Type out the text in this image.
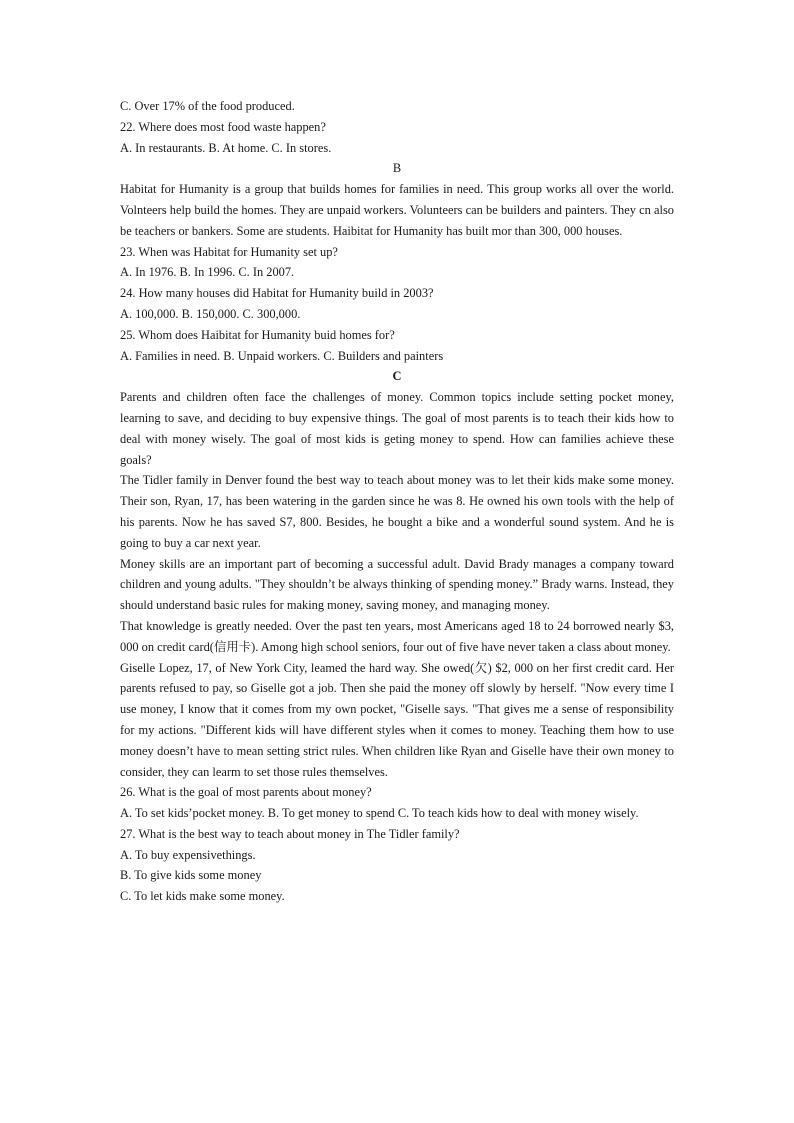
C. Over 17% of the food produced.
22. Where does most food waste happen?
A. In restaurants. B. At home. C. In stores.
B
Habitat for Humanity is a group that builds homes for families in need. This group works all over the world. Volnteers help build the homes. They are unpaid workers. Volunteers can be builders and painters. They cn also be teachers or bankers. Some are students. Haibitat for Humanity has built mor than 300, 000 houses.
23. When was Habitat for Humanity set up?
A. In 1976. B. In 1996. C. In 2007.
24. How many houses did Habitat for Humanity build in 2003?
A. 100,000. B. 150,000. C. 300,000.
25. Whom does Haibitat for Humanity buid homes for?
A. Families in need. B. Unpaid workers. C. Builders and painters
C
Parents and children often face the challenges of money. Common topics include setting pocket money, learning to save, and deciding to buy expensive things. The goal of most parents is to teach their kids how to deal with money wisely. The goal of most kids is geting money to spend. How can families achieve these goals?
The Tidler family in Denver found the best way to teach about money was to let their kids make some money. Their son, Ryan, 17, has been watering in the garden since he was 8. He owned his own tools with the help of his parents. Now he has saved S7, 800. Besides, he bought a bike and a wonderful sound system. And he is going to buy a car next year.
Money skills are an important part of becoming a successful adult. David Brady manages a company toward children and young adults. "They shouldn’t be always thinking of spending money.” Brady warns. Instead, they should understand basic rules for making money, saving money, and managing money.
That knowledge is greatly needed. Over the past ten years, most Americans aged 18 to 24 borrowed nearly $3, 000 on credit card(信用卡). Among high school seniors, four out of five have never taken a class about money.
Giselle Lopez, 17, of New York City, leamed the hard way. She owed(欠) $2, 000 on her first credit card. Her parents refused to pay, so Giselle got a job. Then she paid the money off slowly by herself. "Now every time I use money, I know that it comes from my own pocket, "Giselle says. "That gives me a sense of responsibility for my actions. "Different kids will have different styles when it comes to money. Teaching them how to use money doesn’t have to mean setting strict rules. When children like Ryan and Giselle have their own money to consider, they can learm to set those rules themselves.
26. What is the goal of most parents about money?
A. To set kids’pocket money. B. To get money to spend C. To teach kids how to deal with money wisely.
27. What is the best way to teach about money in The Tidler family?
A. To buy expensivethings.
B. To give kids some money
C. To let kids make some money.
